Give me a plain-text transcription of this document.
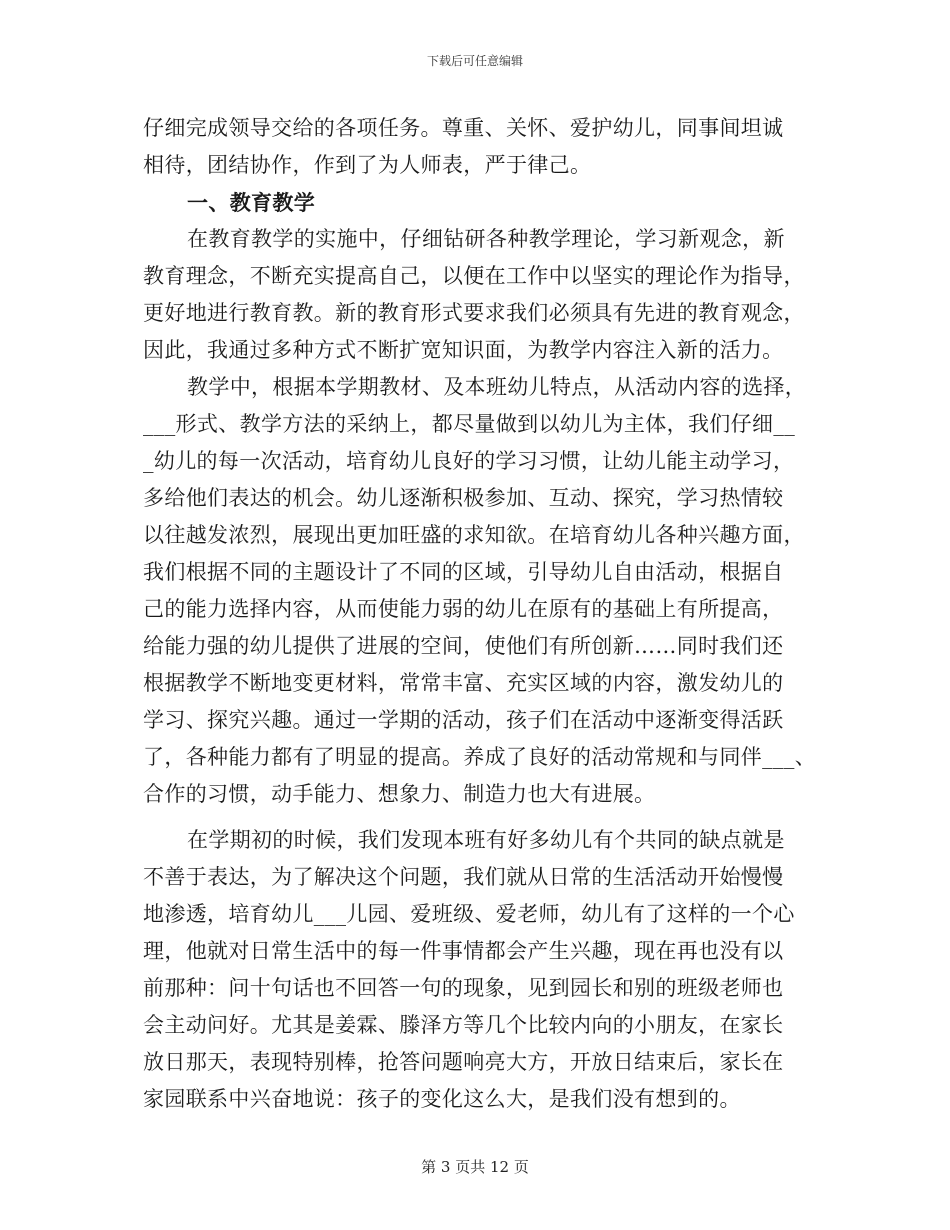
下载后可任意编辑
仔细完成领导交给的各项任务。尊重、关怀、爱护幼儿，同事间坦诚
相待，团结协作，作到了为人师表，严于律己。
一、教育教学
在教育教学的实施中，仔细钻研各种教学理论，学习新观念，新
教育理念，不断充实提高自己，以便在工作中以坚实的理论作为指导，
更好地进行教育教。新的教育形式要求我们必须具有先进的教育观念，
因此，我通过多种方式不断扩宽知识面，为教学内容注入新的活力。
教学中，根据本学期教材、及本班幼儿特点，从活动内容的选择，
___形式、教学方法的采纳上，都尽量做到以幼儿为主体，我们仔细__
_幼儿的每一次活动，培育幼儿良好的学习习惯，让幼儿能主动学习，
多给他们表达的机会。幼儿逐渐积极参加、互动、探究，学习热情较
以往越发浓烈，展现出更加旺盛的求知欲。在培育幼儿各种兴趣方面，
我们根据不同的主题设计了不同的区域，引导幼儿自由活动，根据自
己的能力选择内容，从而使能力弱的幼儿在原有的基础上有所提高，
给能力强的幼儿提供了进展的空间，使他们有所创新……同时我们还
根据教学不断地变更材料，常常丰富、充实区域的内容，激发幼儿的
学习、探究兴趣。通过一学期的活动，孩子们在活动中逐渐变得活跃
了，各种能力都有了明显的提高。养成了良好的活动常规和与同伴___、
合作的习惯，动手能力、想象力、制造力也大有进展。
在学期初的时候，我们发现本班有好多幼儿有个共同的缺点就是
不善于表达，为了解决这个问题，我们就从日常的生活活动开始慢慢
地渗透，培育幼儿___儿园、爱班级、爱老师，幼儿有了这样的一个心
理，他就对日常生活中的每一件事情都会产生兴趣，现在再也没有以
前那种：问十句话也不回答一句的现象，见到园长和别的班级老师也
会主动问好。尤其是姜霖、滕泽方等几个比较内向的小朋友，在家长
放日那天，表现特别棒，抢答问题响亮大方，开放日结束后，家长在
家园联系中兴奋地说：孩子的变化这么大，是我们没有想到的。
第 3 页共 12 页
